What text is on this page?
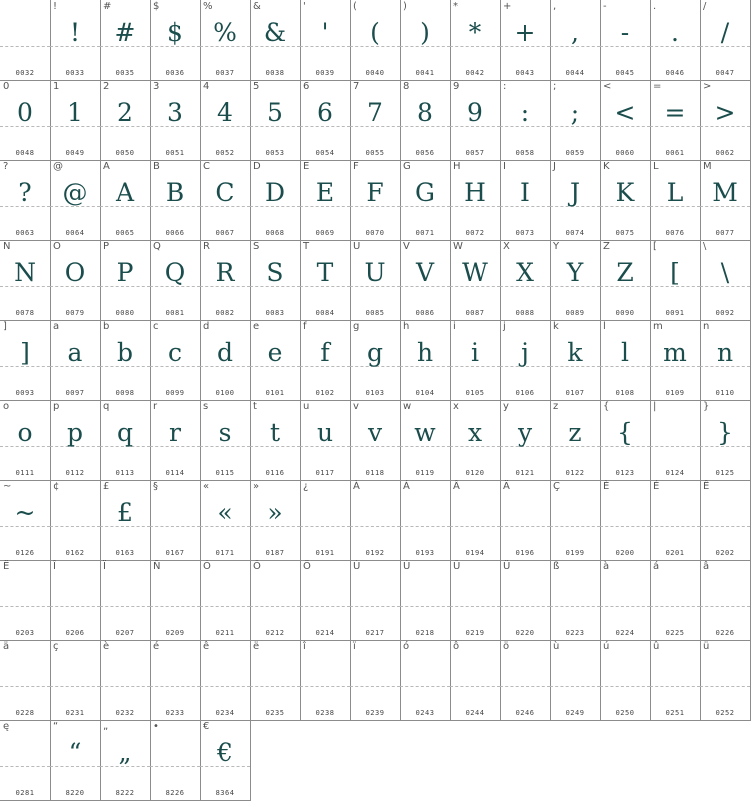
0032
!
!
0033
#
#
0035
$
$
0036
%
%
0037
&
&
0038
'
'
0039
(
(
0040
)
)
0041
*
*
0042
+
+
0043
,
,
0044
-
-
0045
.
.
0046
/
/
0047
0
0
0048
1
1
0049
2
2
0050
3
3
0051
4
4
0052
5
5
0053
6
6
0054
7
7
0055
8
8
0056
9
9
0057
:
:
0058
;
;
0059
<
<
0060
=
=
0061
>
>
0062
?
?
0063
@
@
0064
A
A
0065
B
B
0066
C
C
0067
D
D
0068
E
E
0069
F
F
0070
G
G
0071
H
H
0072
I
I
0073
J
J
0074
K
K
0075
L
L
0076
M
M
0077
N
N
0078
O
O
0079
P
P
0080
Q
Q
0081
R
R
0082
S
S
0083
T
T
0084
U
U
0085
V
V
0086
W
W
0087
X
X
0088
Y
Y
0089
Z
Z
0090
[
[
0091
\
\
0092
]
]
0093
a
a
0097
b
b
0098
c
c
0099
d
d
0100
e
e
0101
f
f
0102
g
g
0103
h
h
0104
i
i
0105
j
j
0106
k
k
0107
l
l
0108
m
m
0109
n
n
0110
o
o
0111
p
p
0112
q
q
0113
r
r
0114
s
s
0115
t
t
0116
u
u
0117
v
v
0118
w
w
0119
x
x
0120
y
y
0121
z
z
0122
{
{
0123
|
0124
}
}
0125
~
~
0126
¢
0162
£
£
0163
§
0167
«
«
0171
»
»
0187
¿
0191
À
0192
Á
0193
Â
0194
Ä
0196
Ç
0199
È
0200
É
0201
Ê
0202
Ë
0203
Î
0206
Ï
0207
Ñ
0209
Ó
0211
Ô
0212
Ö
0214
Ù
0217
Ú
0218
Û
0219
Ü
0220
ß
0223
à
0224
á
0225
â
0226
ä
0228
ç
0231
è
0232
é
0233
ê
0234
ë
0235
î
0238
ï
0239
ó
0243
ô
0244
ö
0246
ù
0249
ú
0250
û
0251
ü
0252
ę
0281
“
“
8220
„
„
8222
•
8226
€
€
8364
